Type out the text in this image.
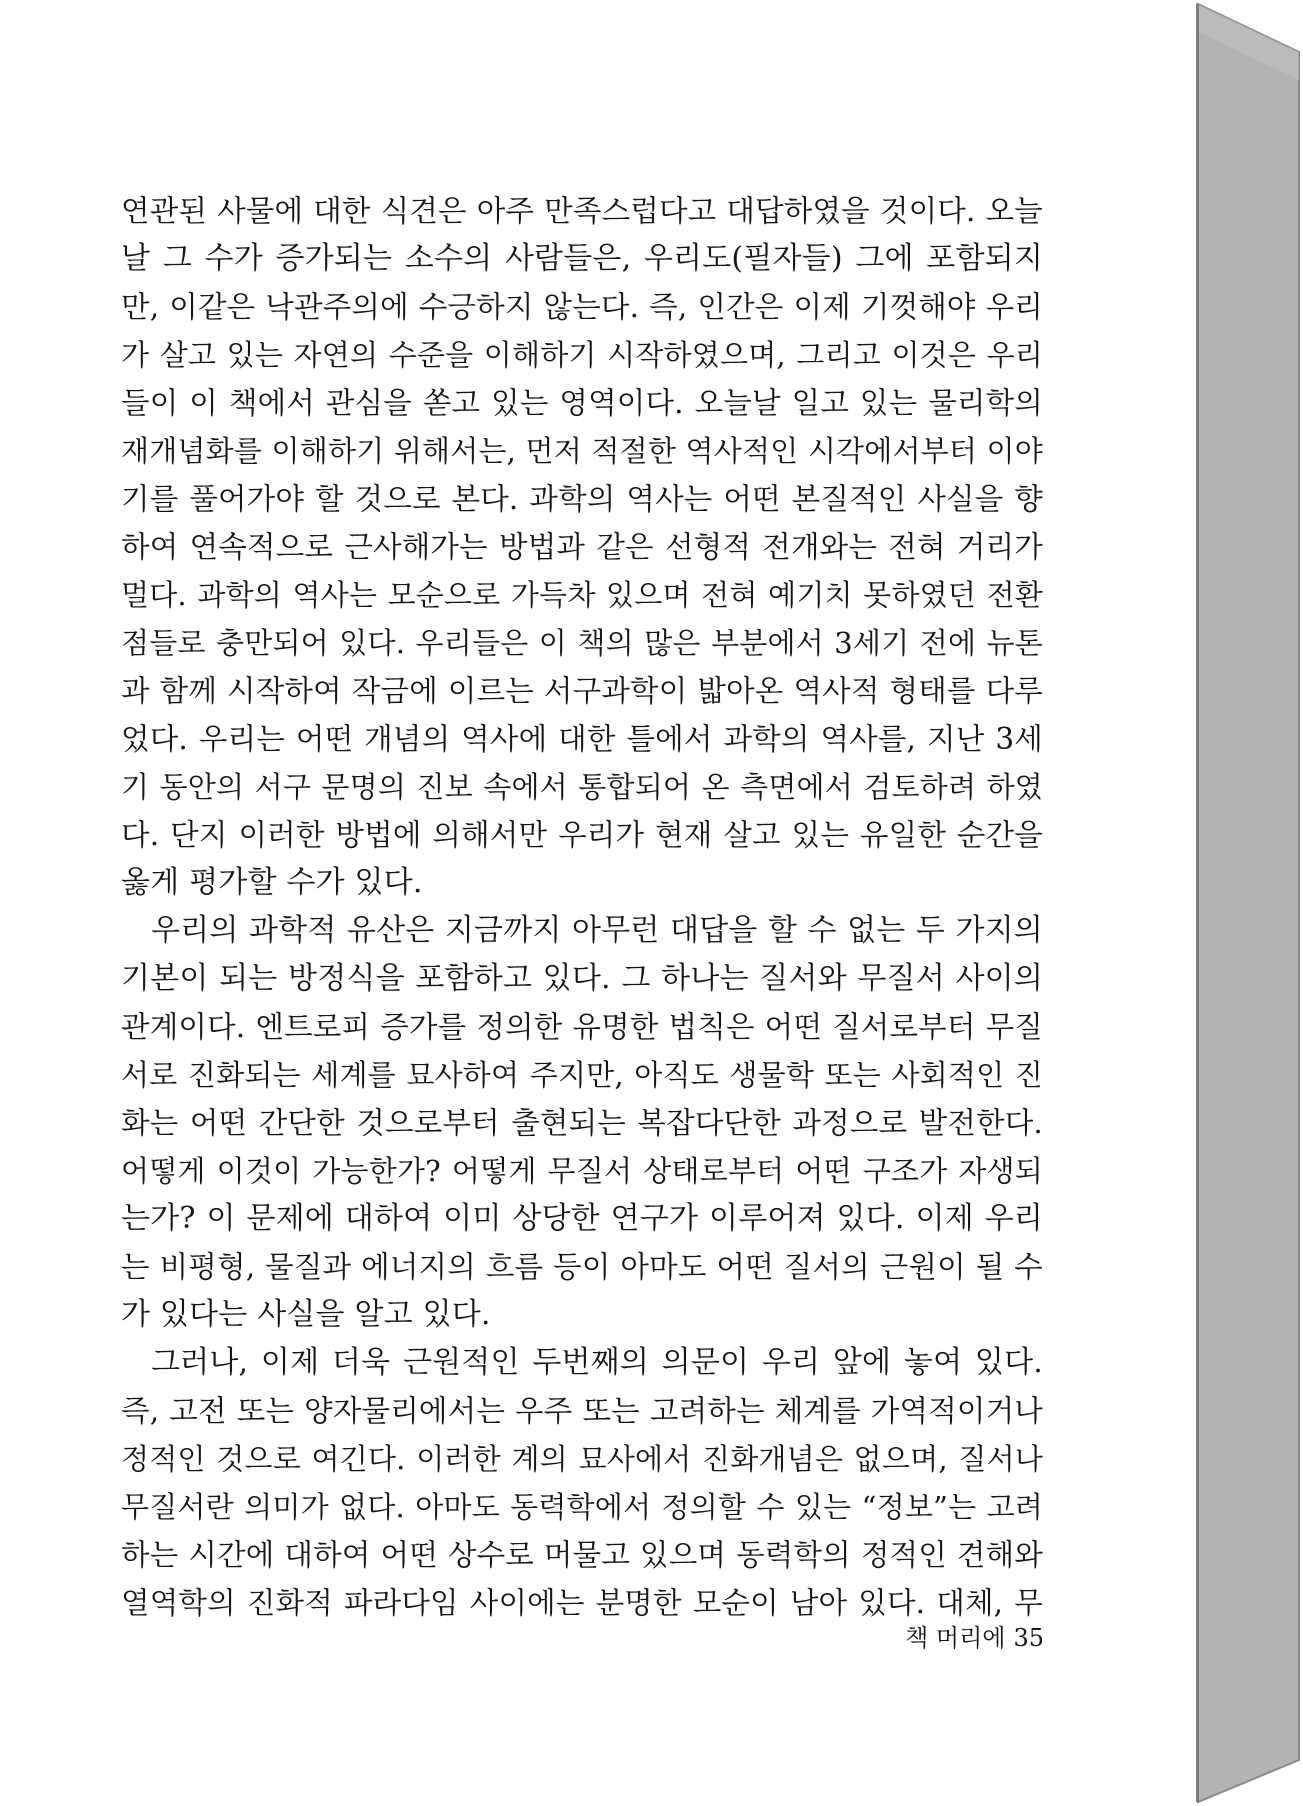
연관된 사물에 대한 식견은 아주 만족스럽다고 대답하였을 것이다. 오늘
날 그 수가 증가되는 소수의 사람들은, 우리도(필자들) 그에 포함되지
만, 이같은 낙관주의에 수긍하지 않는다. 즉, 인간은 이제 기껏해야 우리
가 살고 있는 자연의 수준을 이해하기 시작하였으며, 그리고 이것은 우리
들이 이 책에서 관심을 쏟고 있는 영역이다. 오늘날 일고 있는 물리학의
재개념화를 이해하기 위해서는, 먼저 적절한 역사적인 시각에서부터 이야
기를 풀어가야 할 것으로 본다. 과학의 역사는 어떤 본질적인 사실을 향
하여 연속적으로 근사해가는 방법과 같은 선형적 전개와는 전혀 거리가
멀다. 과학의 역사는 모순으로 가득차 있으며 전혀 예기치 못하였던 전환
점들로 충만되어 있다. 우리들은 이 책의 많은 부분에서 3세기 전에 뉴톤
과 함께 시작하여 작금에 이르는 서구과학이 밟아온 역사적 형태를 다루
었다. 우리는 어떤 개념의 역사에 대한 틀에서 과학의 역사를, 지난 3세
기 동안의 서구 문명의 진보 속에서 통합되어 온 측면에서 검토하려 하였
다. 단지 이러한 방법에 의해서만 우리가 현재 살고 있는 유일한 순간을
옳게 평가할 수가 있다.
우리의 과학적 유산은 지금까지 아무런 대답을 할 수 없는 두 가지의
기본이 되는 방정식을 포함하고 있다. 그 하나는 질서와 무질서 사이의
관계이다. 엔트로피 증가를 정의한 유명한 법칙은 어떤 질서로부터 무질
서로 진화되는 세계를 묘사하여 주지만, 아직도 생물학 또는 사회적인 진
화는 어떤 간단한 것으로부터 출현되는 복잡다단한 과정으로 발전한다.
어떻게 이것이 가능한가? 어떻게 무질서 상태로부터 어떤 구조가 자생되
는가? 이 문제에 대하여 이미 상당한 연구가 이루어져 있다. 이제 우리
는 비평형, 물질과 에너지의 흐름 등이 아마도 어떤 질서의 근원이 될 수
가 있다는 사실을 알고 있다.
그러나, 이제 더욱 근원적인 두번째의 의문이 우리 앞에 놓여 있다.
즉, 고전 또는 양자물리에서는 우주 또는 고려하는 체계를 가역적이거나
정적인 것으로 여긴다. 이러한 계의 묘사에서 진화개념은 없으며, 질서나
무질서란 의미가 없다. 아마도 동력학에서 정의할 수 있는 “정보”는 고려
하는 시간에 대하여 어떤 상수로 머물고 있으며 동력학의 정적인 견해와
열역학의 진화적 파라다임 사이에는 분명한 모순이 남아 있다. 대체, 무
책 머리에 35
